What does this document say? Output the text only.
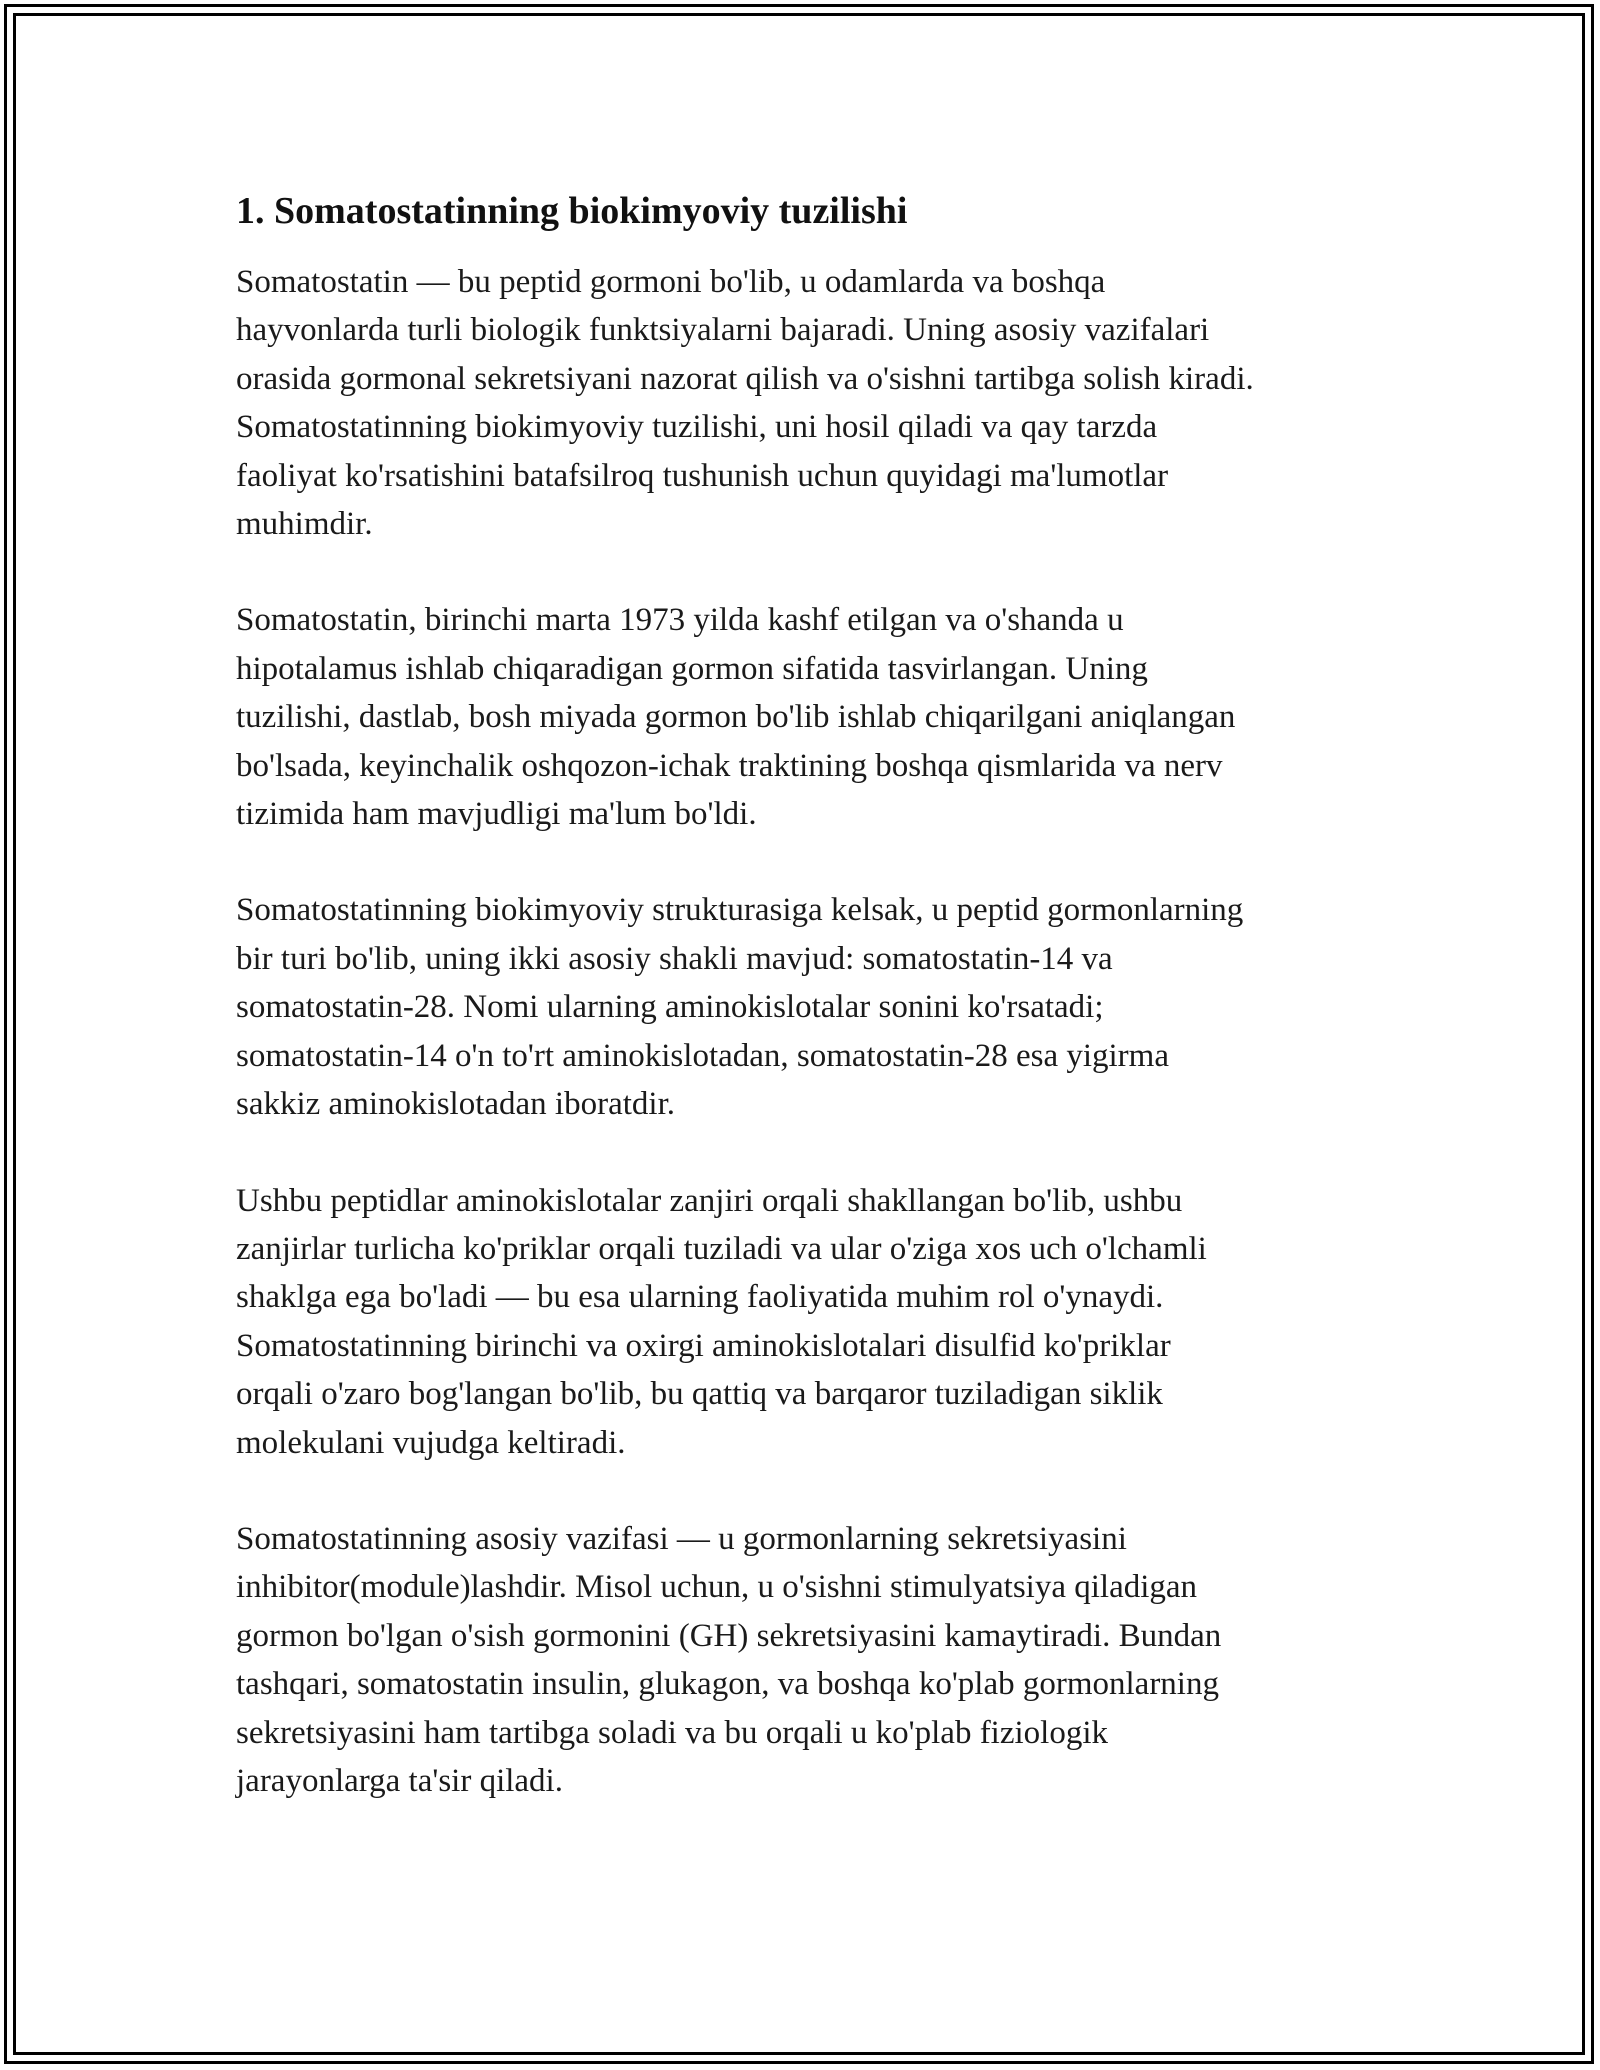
1. Somatostatinning biokimyoviy tuzilishi

Somatostatin — bu peptid gormoni bo'lib, u odamlarda va boshqa
hayvonlarda turli biologik funktsiyalarni bajaradi. Uning asosiy vazifalari
orasida gormonal sekretsiyani nazorat qilish va o'sishni tartibga solish kiradi.
Somatostatinning biokimyoviy tuzilishi, uni hosil qiladi va qay tarzda
faoliyat ko'rsatishini batafsilroq tushunish uchun quyidagi ma'lumotlar
muhimdir.

Somatostatin, birinchi marta 1973 yilda kashf etilgan va o'shanda u
hipotalamus ishlab chiqaradigan gormon sifatida tasvirlangan. Uning
tuzilishi, dastlab, bosh miyada gormon bo'lib ishlab chiqarilgani aniqlangan
bo'lsada, keyinchalik oshqozon-ichak traktining boshqa qismlarida va nerv
tizimida ham mavjudligi ma'lum bo'ldi.

Somatostatinning biokimyoviy strukturasiga kelsak, u peptid gormonlarning
bir turi bo'lib, uning ikki asosiy shakli mavjud: somatostatin-14 va
somatostatin-28. Nomi ularning aminokislotalar sonini ko'rsatadi;
somatostatin-14 o'n to'rt aminokislotadan, somatostatin-28 esa yigirma
sakkiz aminokislotadan iboratdir.

Ushbu peptidlar aminokislotalar zanjiri orqali shakllangan bo'lib, ushbu
zanjirlar turlicha ko'priklar orqali tuziladi va ular o'ziga xos uch o'lchamli
shaklga ega bo'ladi — bu esa ularning faoliyatida muhim rol o'ynaydi.
Somatostatinning birinchi va oxirgi aminokislotalari disulfid ko'priklar
orqali o'zaro bog'langan bo'lib, bu qattiq va barqaror tuziladigan siklik
molekulani vujudga keltiradi.

Somatostatinning asosiy vazifasi — u gormonlarning sekretsiyasini
inhibitor(module)lashdir. Misol uchun, u o'sishni stimulyatsiya qiladigan
gormon bo'lgan o'sish gormonini (GH) sekretsiyasini kamaytiradi. Bundan
tashqari, somatostatin insulin, glukagon, va boshqa ko'plab gormonlarning
sekretsiyasini ham tartibga soladi va bu orqali u ko'plab fiziologik
jarayonlarga ta'sir qiladi.
